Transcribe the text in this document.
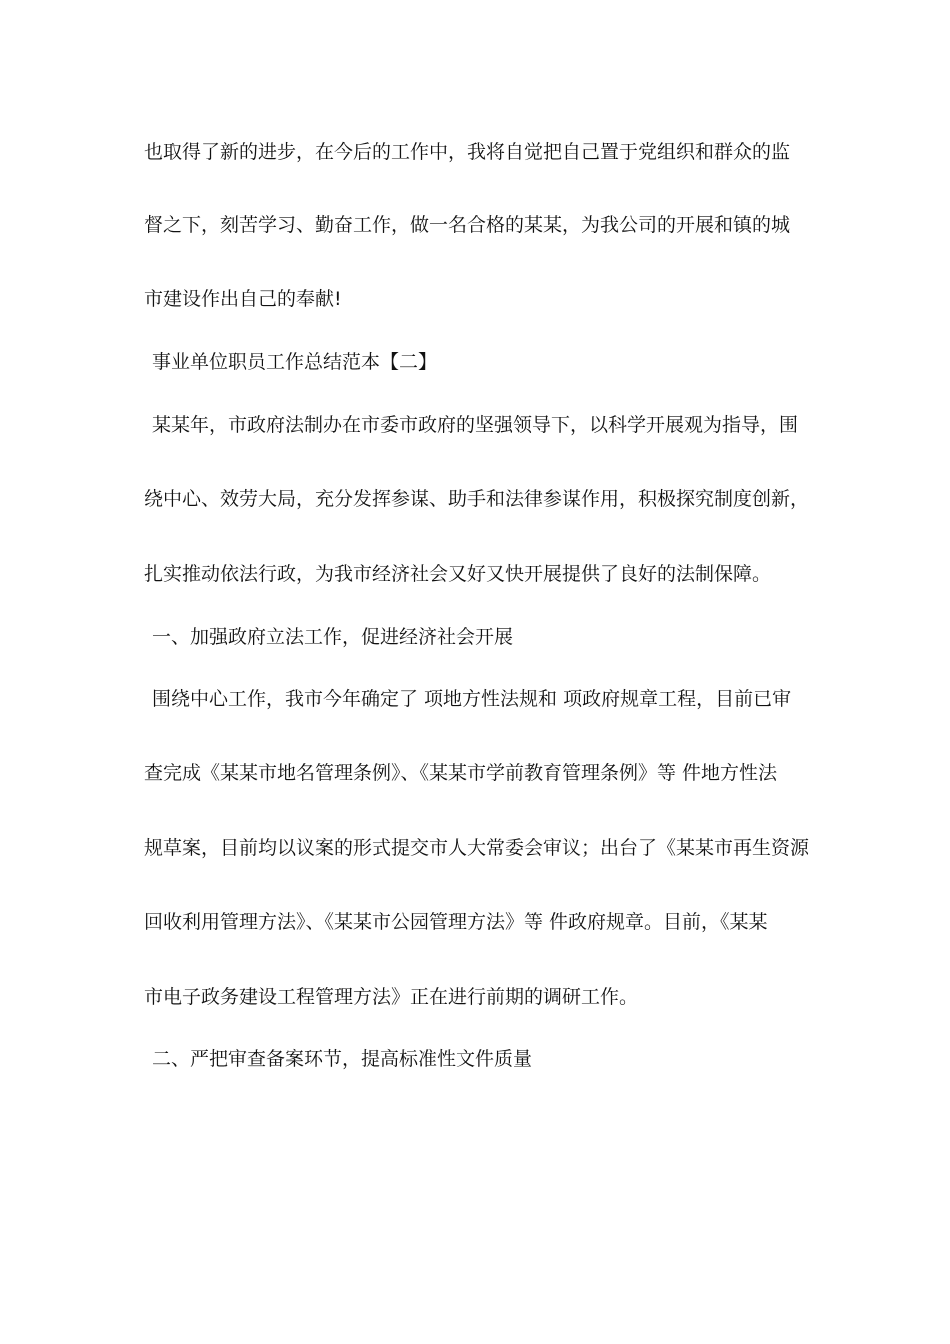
也取得了新的进步，在今后的工作中，我将自觉把自己置于党组织和群众的监
督之下，刻苦学习、勤奋工作，做一名合格的某某，为我公司的开展和镇的城
市建设作出自己的奉献!
事业单位职员工作总结范本【二】
某某年，市政府法制办在市委市政府的坚强领导下，以科学开展观为指导，围
绕中心、效劳大局，充分发挥参谋、助手和法律参谋作用，积极探究制度创新，
扎实推动依法行政，为我市经济社会又好又快开展提供了良好的法制保障。
一、加强政府立法工作，促进经济社会开展
围绕中心工作，我市今年确定了 项地方性法规和 项政府规章工程，目前已审
查完成《某某市地名管理条例》、《某某市学前教育管理条例》等 件地方性法
规草案，目前均以议案的形式提交市人大常委会审议；出台了《某某市再生资源
回收利用管理方法》、《某某市公园管理方法》等 件政府规章。目前，《某某
市电子政务建设工程管理方法》正在进行前期的调研工作。
二、严把审查备案环节，提高标准性文件质量
